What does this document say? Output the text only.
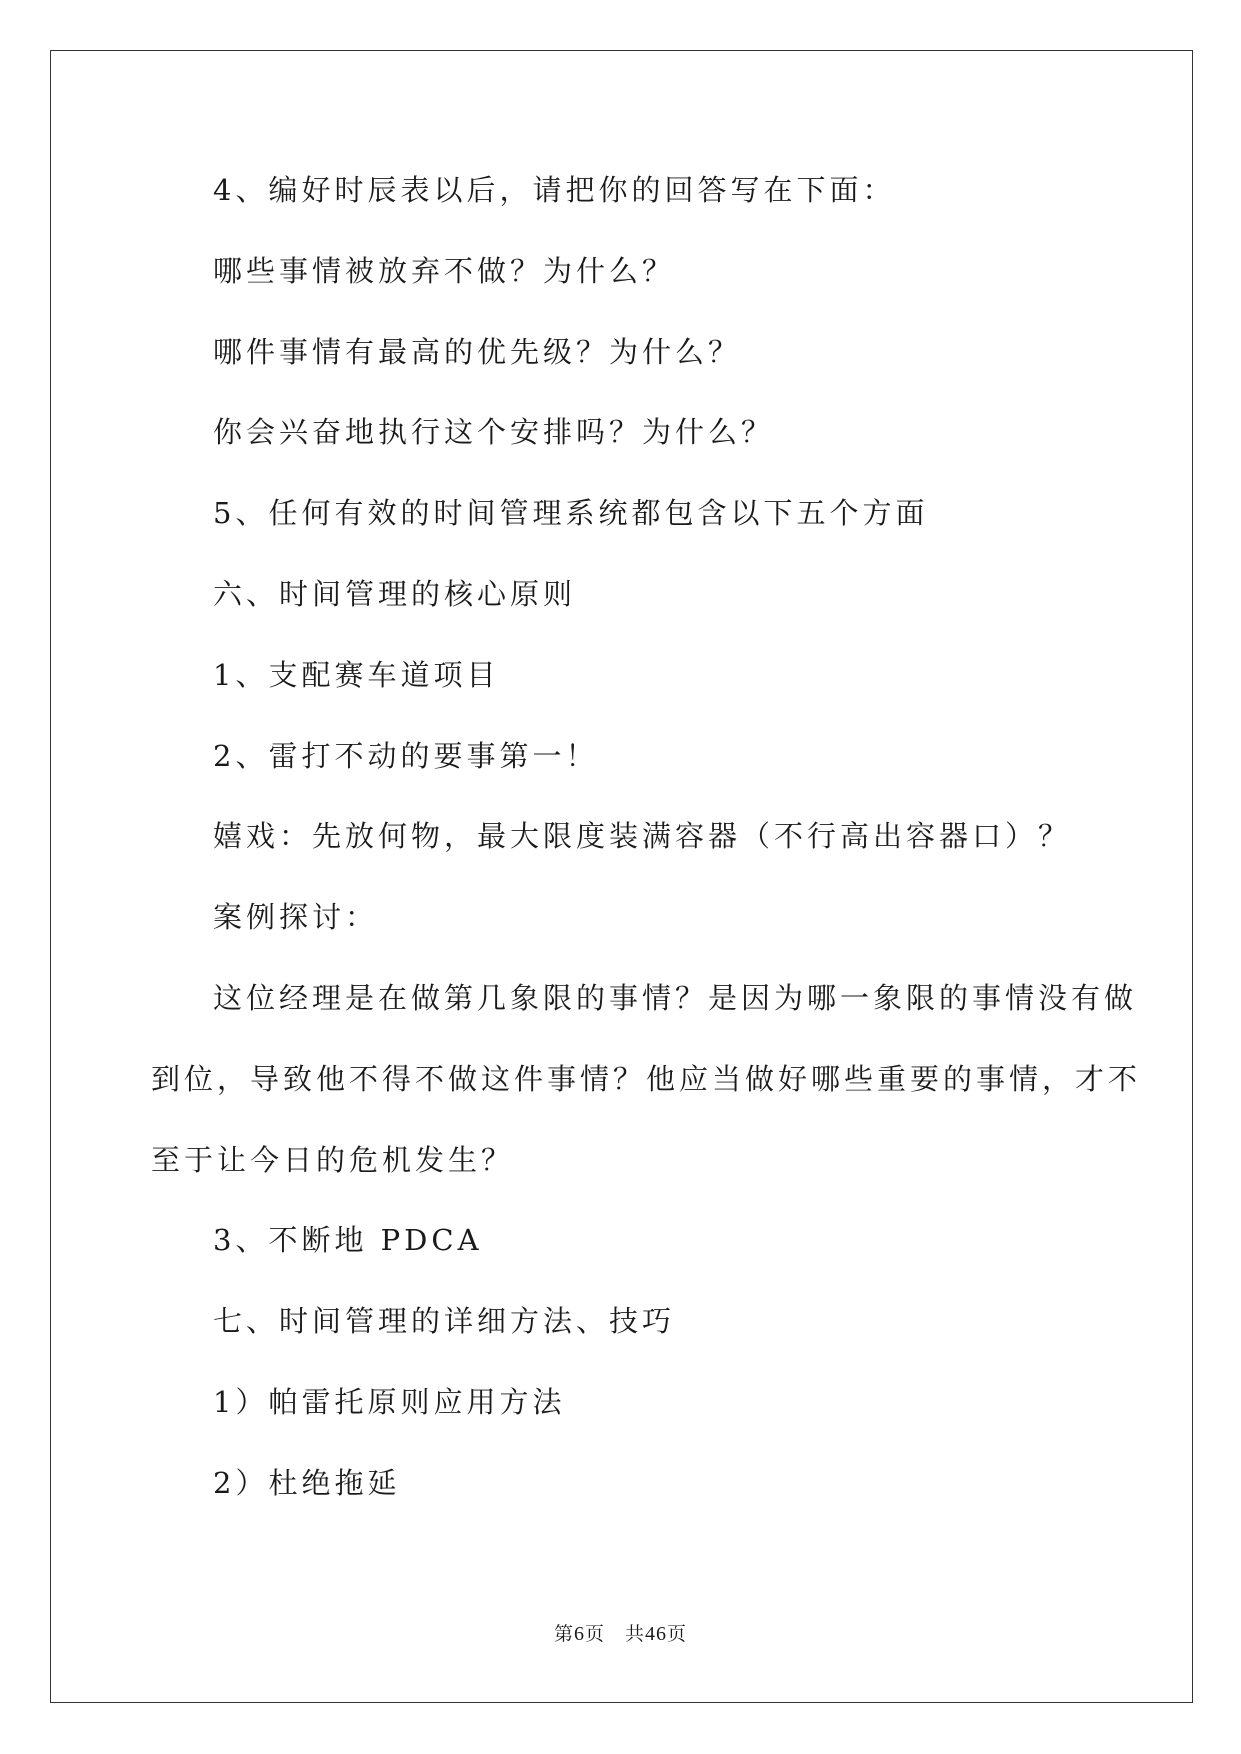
4、编好时辰表以后，请把你的回答写在下面：
哪些事情被放弃不做？为什么？
哪件事情有最高的优先级？为什么？
你会兴奋地执行这个安排吗？为什么？
5、任何有效的时间管理系统都包含以下五个方面
六、时间管理的核心原则
1、支配赛车道项目
2、雷打不动的要事第一！
嬉戏：先放何物，最大限度装满容器（不行高出容器口）？
案例探讨：
这位经理是在做第几象限的事情？是因为哪一象限的事情没有做
到位，导致他不得不做这件事情？他应当做好哪些重要的事情，才不
至于让今日的危机发生？
3、不断地 PDCA
七、时间管理的详细方法、技巧
1）帕雷托原则应用方法
2）杜绝拖延
第6页　共46页
